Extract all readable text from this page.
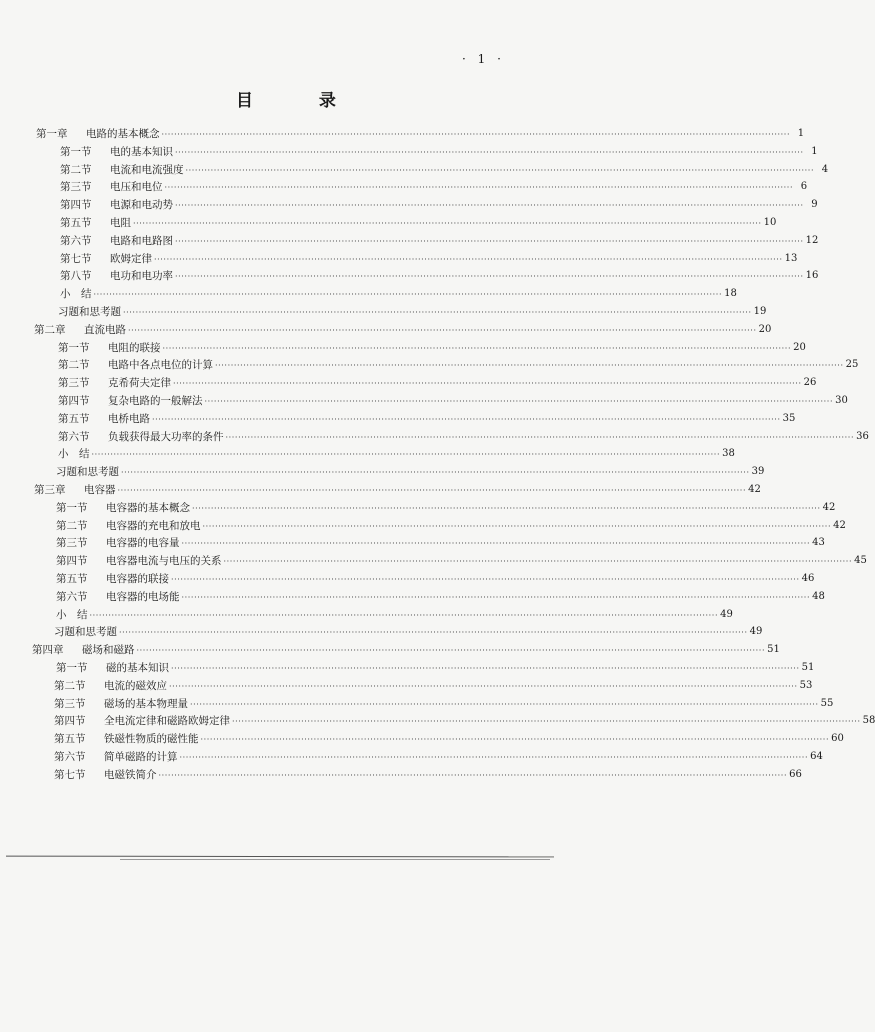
· 1 ·
目 录
第一章 电路的基本概念 ········································································································································································································ 1
第一节 电的基本知识 ········································································································································································································ 1
第二节 电流和电流强度 ········································································································································································································ 4
第三节 电压和电位 ········································································································································································································ 6
第四节 电源和电动势 ········································································································································································································ 9
第五节 电阻 ········································································································································································································ 10
第六节 电路和电路图 ········································································································································································································ 12
第七节 欧姆定律 ········································································································································································································ 13
第八节 电功和电功率 ········································································································································································································ 16
小　结 ········································································································································································································ 18
习题和思考题 ········································································································································································································ 19
第二章 直流电路 ········································································································································································································ 20
第一节 电阻的联接 ········································································································································································································ 20
第二节 电路中各点电位的计算 ········································································································································································································ 25
第三节 克希荷夫定律 ········································································································································································································ 26
第四节 复杂电路的一般解法 ········································································································································································································ 30
第五节 电桥电路 ········································································································································································································ 35
第六节 负载获得最大功率的条件 ········································································································································································································ 36
小　结 ········································································································································································································ 38
习题和思考题 ········································································································································································································ 39
第三章 电容器 ········································································································································································································ 42
第一节 电容器的基本概念 ········································································································································································································ 42
第二节 电容器的充电和放电 ········································································································································································································ 42
第三节 电容器的电容量 ········································································································································································································ 43
第四节 电容器电流与电压的关系 ········································································································································································································ 45
第五节 电容器的联接 ········································································································································································································ 46
第六节 电容器的电场能 ········································································································································································································ 48
小　结 ········································································································································································································ 49
习题和思考题 ········································································································································································································ 49
第四章 磁场和磁路 ········································································································································································································ 51
第一节 磁的基本知识 ········································································································································································································ 51
第二节 电流的磁效应 ········································································································································································································ 53
第三节 磁场的基本物理量 ········································································································································································································ 55
第四节 全电流定律和磁路欧姆定律 ········································································································································································································ 58
第五节 铁磁性物质的磁性能 ········································································································································································································ 60
第六节 简单磁路的计算 ········································································································································································································ 64
第七节 电磁铁简介 ········································································································································································································ 66
